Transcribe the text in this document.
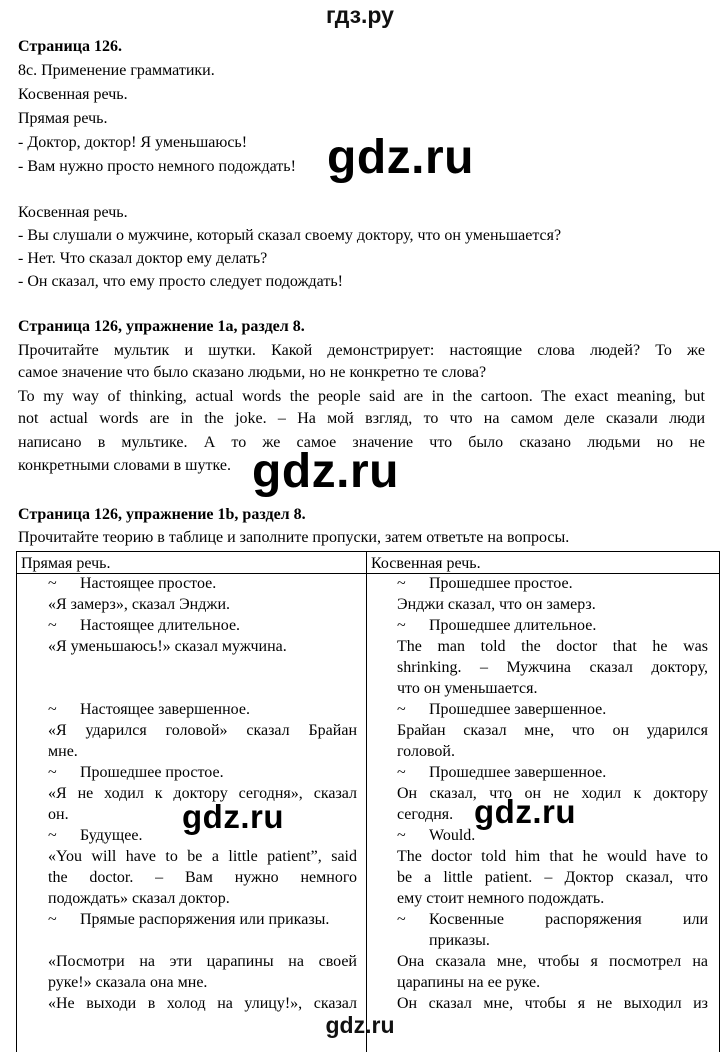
гдз.ру
Страница 126.
8c. Применение грамматики.
Косвенная речь.
Прямая речь.
- Доктор, доктор! Я уменьшаюсь!
- Вам нужно просто немного подождать!
Косвенная речь.
- Вы слушали о мужчине, который сказал своему доктору, что он уменьшается?
- Нет. Что сказал доктор ему делать?
- Он сказал, что ему просто следует подождать!
Страница 126, упражнение 1a, раздел 8.
Прочитайте мультик и шутки. Какой демонстрирует: настоящие слова людей? То же
самое значение что было сказано людьми, но не конкретно те слова?
To my way of thinking, actual words the people said are in the cartoon. The exact meaning, but
not actual words are in the joke. – На мой взгляд, то что на самом деле сказали люди
написано в мультике. А то же самое значение что было сказано людьми но не
конкретными словами в шутке.
Страница 126, упражнение 1b, раздел 8.
Прочитайте теорию в таблице и заполните пропуски, затем ответьте на вопросы.
Прямая речь.	Косвенная речь.
~ Настоящее простое.
«Я замерз», сказал Энджи.
~ Настоящее длительное.
«Я уменьшаюсь!» сказал мужчина.
~ Настоящее завершенное.
«Я ударился головой» сказал Брайан
мне.
~ Прошедшее простое.
«Я не ходил к доктору сегодня», сказал
он.
~ Будущее.
«You will have to be a little patient”, said
the doctor. – Вам нужно немного
подождать» сказал доктор.
~ Прямые распоряжения или приказы.
«Посмотри на эти царапины на своей
руке!» сказала она мне.
«Не выходи в холод на улицу!», сказал
~ Прошедшее простое.
Энджи сказал, что он замерз.
~ Прошедшее длительное.
The man told the doctor that he was
shrinking. – Мужчина сказал доктору,
что он уменьшается.
~ Прошедшее завершенное.
Брайан сказал мне, что он ударился
головой.
~ Прошедшее завершенное.
Он сказал, что он не ходил к доктору
сегодня.
~ Would.
The doctor told him that he would have to
be a little patient. – Доктор сказал, что
ему стоит немного подождать.
~ Косвенные распоряжения или
приказы.
Она сказала мне, чтобы я посмотрел на
царапины на ее руке.
Он сказал мне, чтобы я не выходил из
gdz.ru
gdz.ru
gdz.ru	gdz.ru
gdz.ru
